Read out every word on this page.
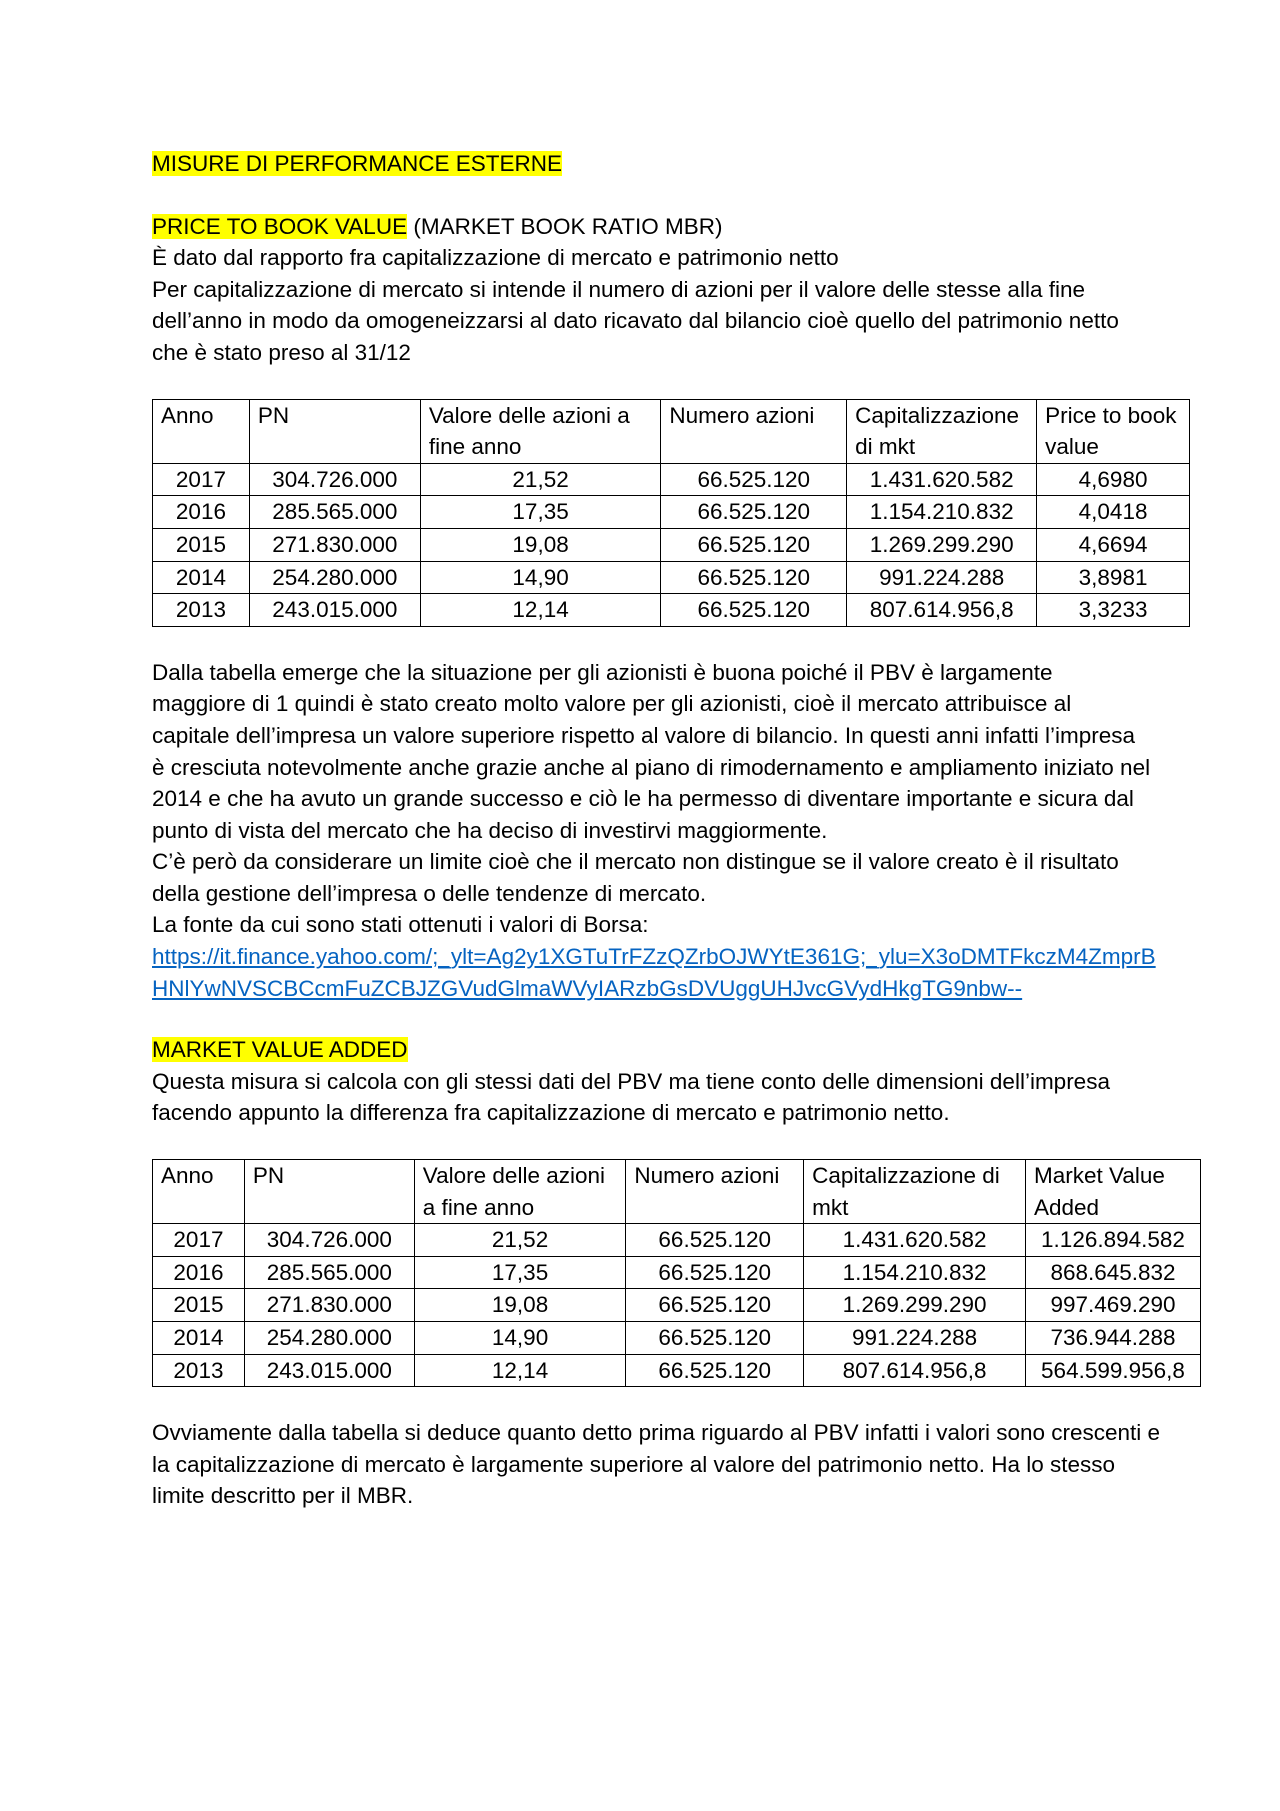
MISURE DI PERFORMANCE ESTERNE

PRICE TO BOOK VALUE (MARKET BOOK RATIO MBR)

È dato dal rapporto fra capitalizzazione di mercato e patrimonio netto

Per capitalizzazione di mercato si intende il numero di azioni per il valore delle stesse alla fine dell’anno in modo da omogeneizzarsi al dato ricavato dal bilancio cioè quello del patrimonio netto che è stato preso al 31/12

Anno	PN	Valore delle azioni a fine anno	Numero azioni	Capitalizzazione di mkt	Price to book value
2017	304.726.000	21,52	66.525.120	1.431.620.582	4,6980
2016	285.565.000	17,35	66.525.120	1.154.210.832	4,0418
2015	271.830.000	19,08	66.525.120	1.269.299.290	4,6694
2014	254.280.000	14,90	66.525.120	991.224.288	3,8981
2013	243.015.000	12,14	66.525.120	807.614.956,8	3,3233

Dalla tabella emerge che la situazione per gli azionisti è buona poiché il PBV è largamente maggiore di 1 quindi è stato creato molto valore per gli azionisti, cioè il mercato attribuisce al capitale dell’impresa un valore superiore rispetto al valore di bilancio. In questi anni infatti l’impresa è cresciuta notevolmente anche grazie anche al piano di rimodernamento e ampliamento iniziato nel 2014 e che ha avuto un grande successo e ciò le ha permesso di diventare importante e sicura dal punto di vista del mercato che ha deciso di investirvi maggiormente.

C’è però da considerare un limite cioè che il mercato non distingue se il valore creato è il risultato della gestione dell’impresa o delle tendenze di mercato.

La fonte da cui sono stati ottenuti i valori di Borsa:

https://it.finance.yahoo.com/;_ylt=Ag2y1XGTuTrFZzQZrbOJWYtE361G;_ylu=X3oDMTFkczM4ZmprBHNlYwNVSCBCcmFuZCBJZGVudGlmaWVyIARzbGsDVUggUHJvcGVydHkgTG9nbw--

MARKET VALUE ADDED

Questa misura si calcola con gli stessi dati del PBV ma tiene conto delle dimensioni dell’impresa facendo appunto la differenza fra capitalizzazione di mercato e patrimonio netto.

Anno	PN	Valore delle azioni a fine anno	Numero azioni	Capitalizzazione di mkt	Market Value Added
2017	304.726.000	21,52	66.525.120	1.431.620.582	1.126.894.582
2016	285.565.000	17,35	66.525.120	1.154.210.832	868.645.832
2015	271.830.000	19,08	66.525.120	1.269.299.290	997.469.290
2014	254.280.000	14,90	66.525.120	991.224.288	736.944.288
2013	243.015.000	12,14	66.525.120	807.614.956,8	564.599.956,8

Ovviamente dalla tabella si deduce quanto detto prima riguardo al PBV infatti i valori sono crescenti e la capitalizzazione di mercato è largamente superiore al valore del patrimonio netto. Ha lo stesso limite descritto per il MBR.
